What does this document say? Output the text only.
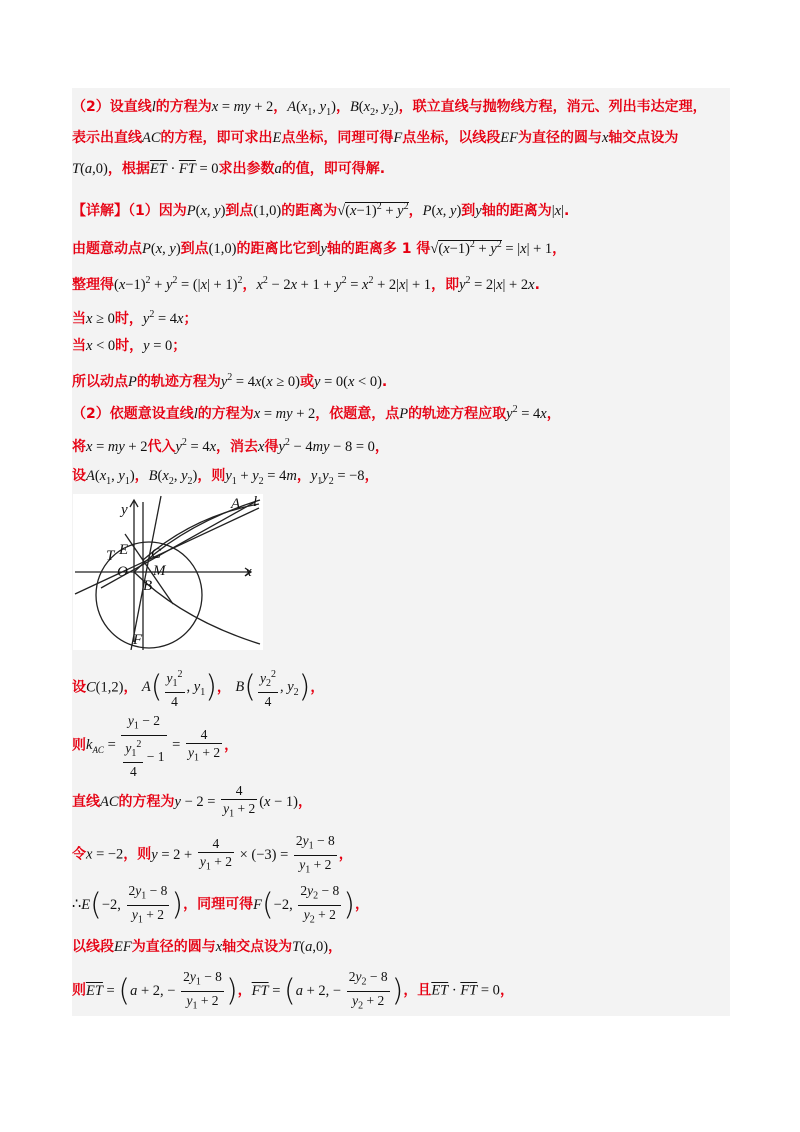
（2）设直线l的方程为x = my + 2，$A(x_1$, $y_1$)，$B(x_2$, $y_2$)，联立直线与抛物线方程，消元、列出韦达定理，
表示出直线AC的方程，即可求出E点坐标，同理可得F点坐标，以线段EF为直径的圆与x轴交点设为
T(a,0)，根据$\overline{ET} \cdot \overline{FT} = 0$求出参数a的值，即可得解.
【详解】（1）因为P(x, y)到点(1,0)的距离为$√(x-1)^2 + y^2$，P(x, y)到y轴的距离为|x|.
由题意动点P(x, y)到点(1,0)的距离比它到y轴的距离多 1 得$√(x-1)^2 + y^2 = |x| + 1$，
整理得$(x-1)^2 + y^2 = (|x| + 1)^2$，$x^2 - 2x + 1 + y^2 = x^2 + 2|x| + 1$，即$y^2 = 2|x| + 2x$.
当x ≥ 0时，$y^2 = 4x$；
当x < 0时，y = 0；
所以动点P的轨迹方程为$y^2 = 4x(x \ge 0)$或y = 0(x < 0).
（2）依题意设直线l的方程为x = my + 2，依题意，点P的轨迹方程应取$y^2 = 4x$，
将x = my + 2代入$y^2 = 4x$，消去x得$y^2 - 4my - 8 = 0$，
设$A(x_1$, $y_1$)，$B(x_2$, $y_2$)，则$y_1 + y_2 = 4m$，$y_1y_2 = -8$，
A l
y
T E C
O M	x
B
F
设C(1,2)， $A( \frac{y_1^2}{4}$ , $y_1$)， $B( \frac{y_2^2}{4}$ , $y_2$)，
则$k_{AC} = \frac{y_1 - 2}{\frac{y_1^2}{4} - 1} = \frac{4}{y_1 + 2}$ ，
直线AC的方程为$y - 2 = \frac{4}{y_1 + 2} (x - 1)$，
令x = −2，则$y = 2 + \frac{4}{y_1 + 2} \times (-3) = \frac{2y_1 - 8}{y_1 + 2}$ ，
∴E(−2, $\frac{2y_1 - 8}{y_1 + 2}$ )，同理可得F(−2, $\frac{2y_2 - 8}{y_2 + 2}$ )，
以线段EF为直径的圆与x轴交点设为T(a,0)，
则$\overline{ET} = (a + 2$, − $\frac{2y_1 - 8}{y_1 + 2}$ )，$\overline{FT} = (a + 2$, − $\frac{2y_2 - 8}{y_2 + 2}$ )，且$\overline{ET} \cdot \overline{FT} = 0$，
